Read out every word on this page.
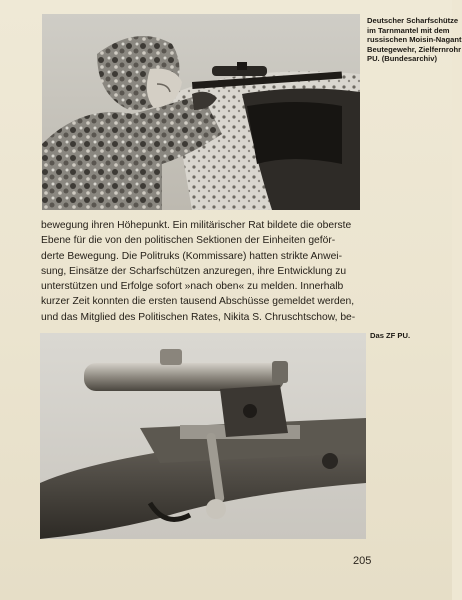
Deutscher Scharfschütze
im Tarnmantel mit dem
russischen Moisin-Nagant
Beutegewehr, Zielfernrohr
PU. (Bundesarchiv)
bewegung ihren Höhepunkt. Ein militärischer Rat bildete die oberste
Ebene für die von den politischen Sektionen der Einheiten geför-
derte Bewegung. Die Politruks (Kommissare) hatten strikte Anwei-
sung, Einsätze der Scharfschützen anzuregen, ihre Entwicklung zu
unterstützen und Erfolge sofort »nach oben« zu melden. Innerhalb
kurzer Zeit konnten die ersten tausend Abschüsse gemeldet werden,
und das Mitglied des Politischen Rates, Nikita S. Chruschtschow, be-
Das ZF PU.
205
